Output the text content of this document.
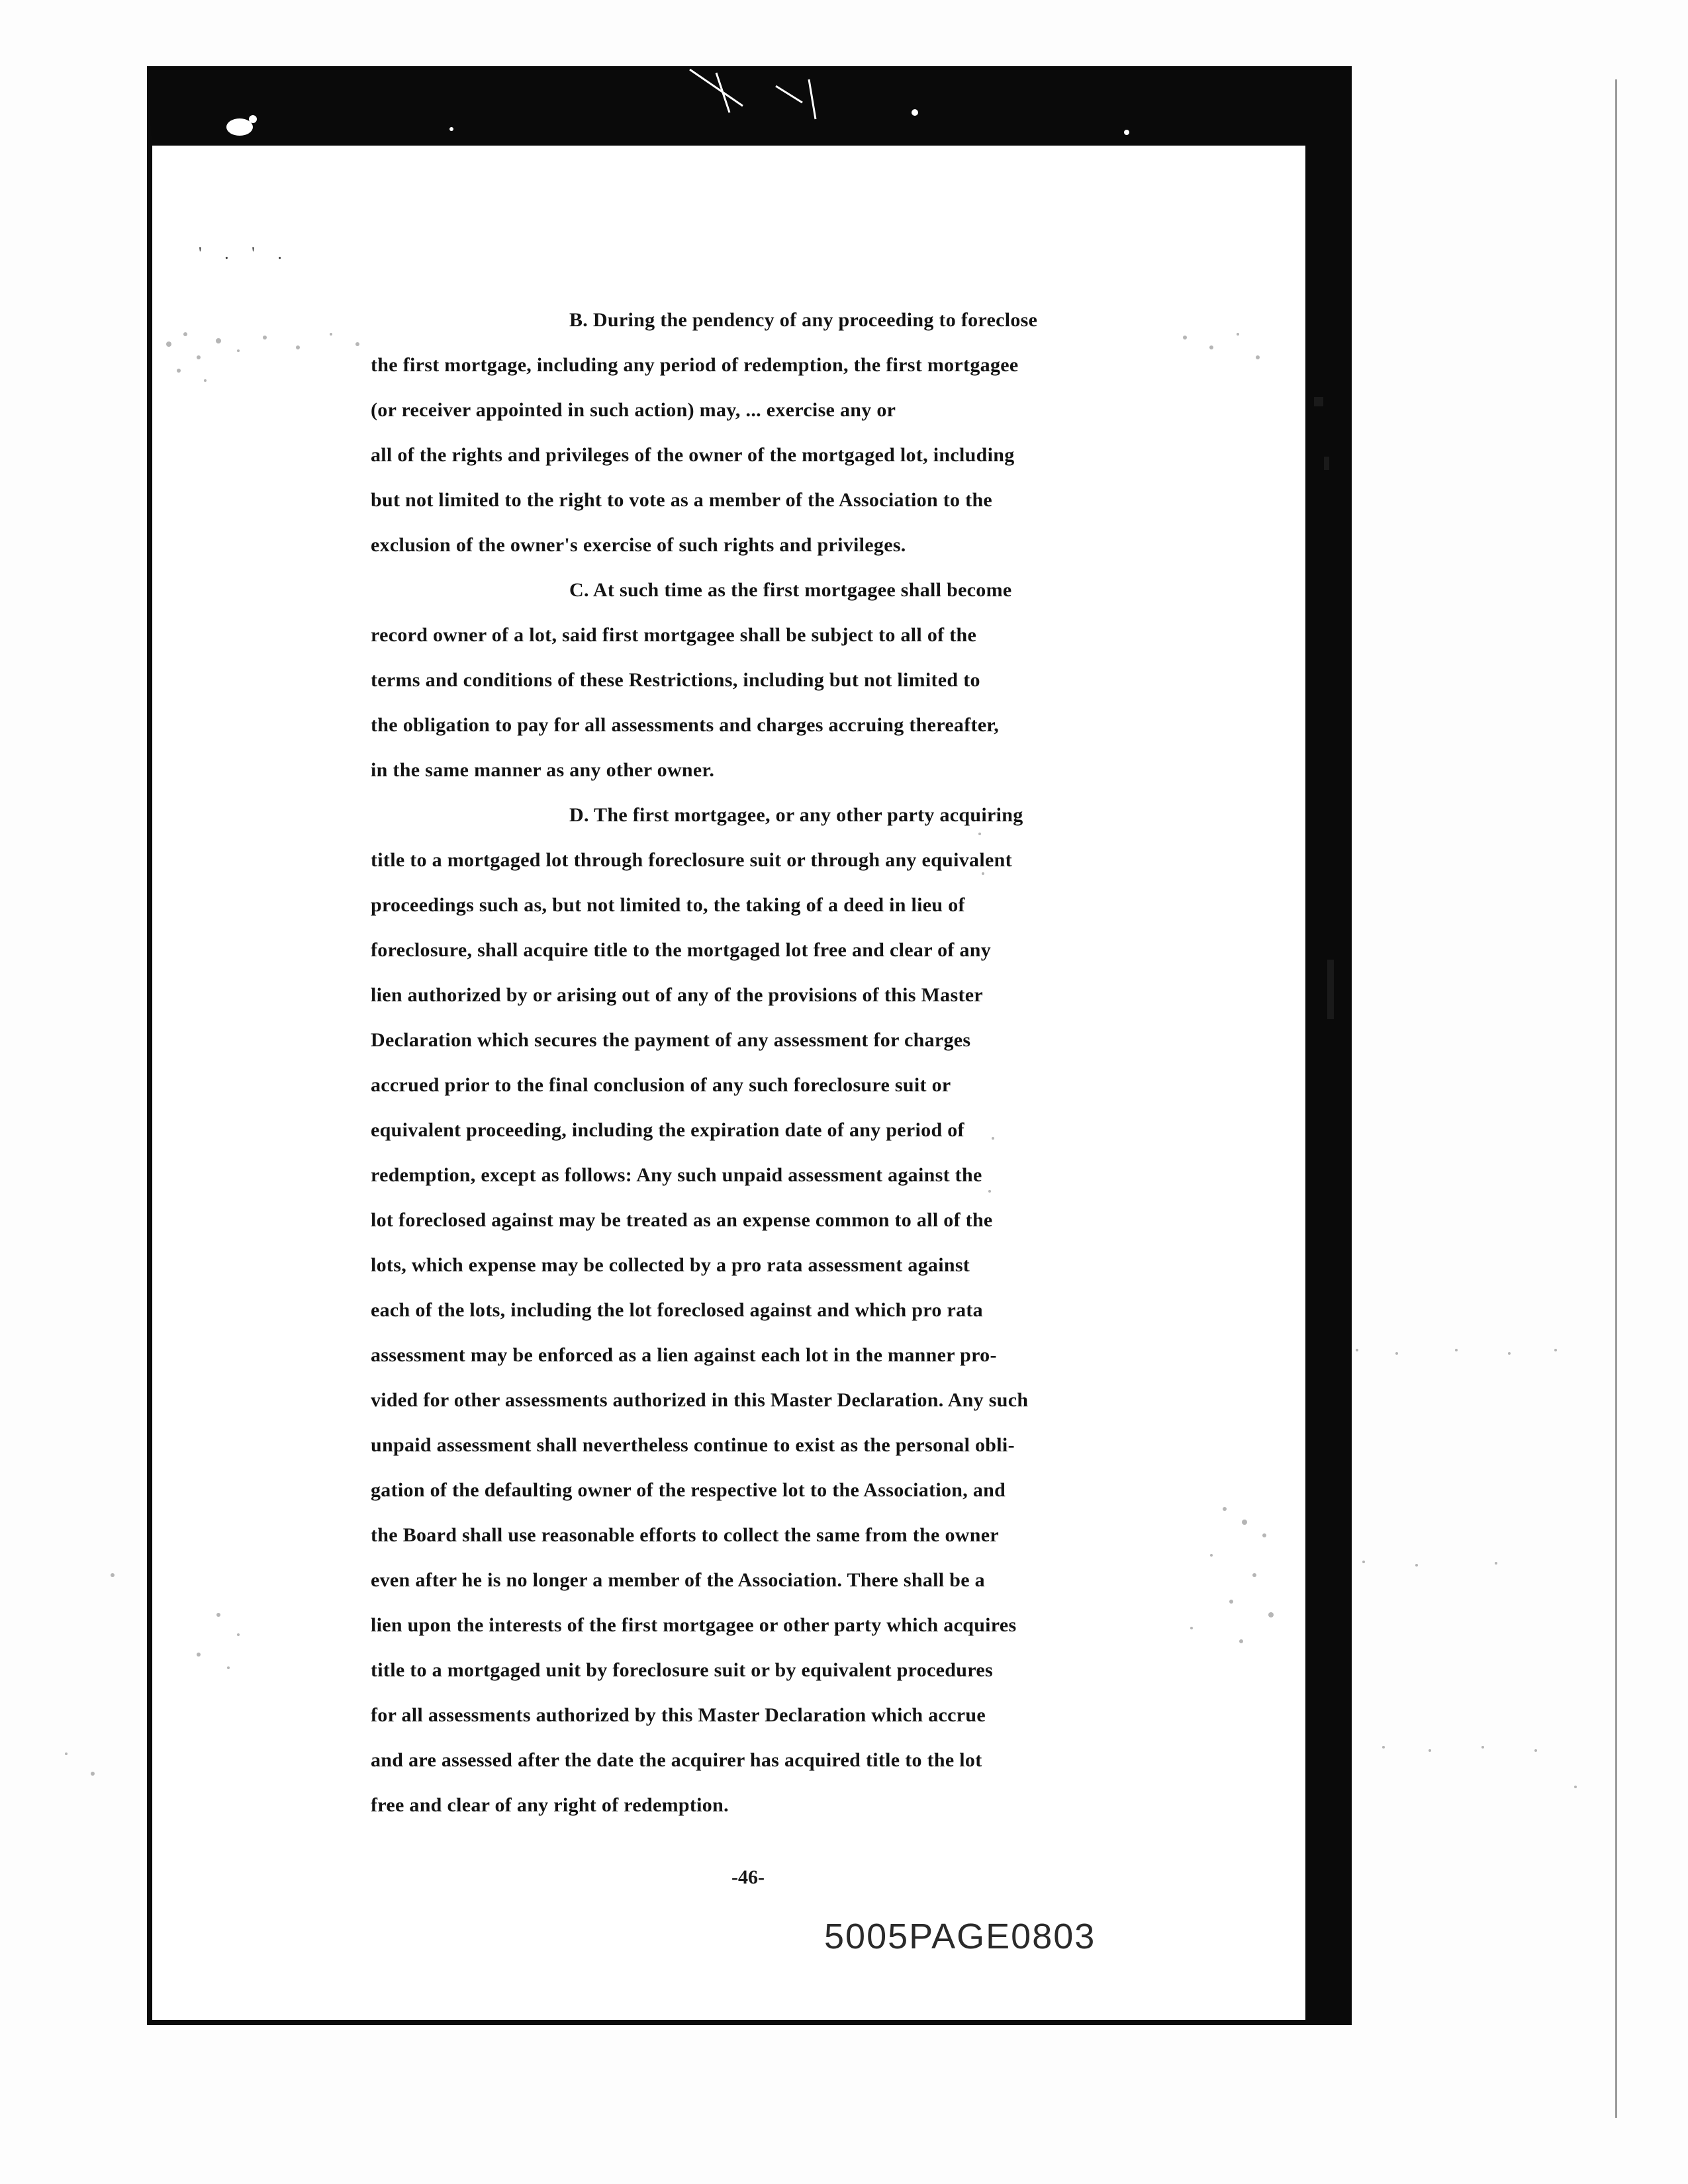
' . ' .
B. During the pendency of any proceeding to foreclose
the first mortgage, including any period of redemption, the first mortgagee
(or receiver appointed in such action) may, ... exercise any or
all of the rights and privileges of the owner of the mortgaged lot, including
but not limited to the right to vote as a member of the Association to the
exclusion of the owner's exercise of such rights and privileges.
C. At such time as the first mortgagee shall become
record owner of a lot, said first mortgagee shall be subject to all of the
terms and conditions of these Restrictions, including but not limited to
the obligation to pay for all assessments and charges accruing thereafter,
in the same manner as any other owner.
D. The first mortgagee, or any other party acquiring
title to a mortgaged lot through foreclosure suit or through any equivalent
proceedings such as, but not limited to, the taking of a deed in lieu of
foreclosure, shall acquire title to the mortgaged lot free and clear of any
lien authorized by or arising out of any of the provisions of this Master
Declaration which secures the payment of any assessment for charges
accrued prior to the final conclusion of any such foreclosure suit or
equivalent proceeding, including the expiration date of any period of
redemption, except as follows: Any such unpaid assessment against the
lot foreclosed against may be treated as an expense common to all of the
lots, which expense may be collected by a pro rata assessment against
each of the lots, including the lot foreclosed against and which pro rata
assessment may be enforced as a lien against each lot in the manner pro-
vided for other assessments authorized in this Master Declaration. Any such
unpaid assessment shall nevertheless continue to exist as the personal obli-
gation of the defaulting owner of the respective lot to the Association, and
the Board shall use reasonable efforts to collect the same from the owner
even after he is no longer a member of the Association. There shall be a
lien upon the interests of the first mortgagee or other party which acquires
title to a mortgaged unit by foreclosure suit or by equivalent procedures
for all assessments authorized by this Master Declaration which accrue
and are assessed after the date the acquirer has acquired title to the lot
free and clear of any right of redemption.
-46-
5005PAGE0803
